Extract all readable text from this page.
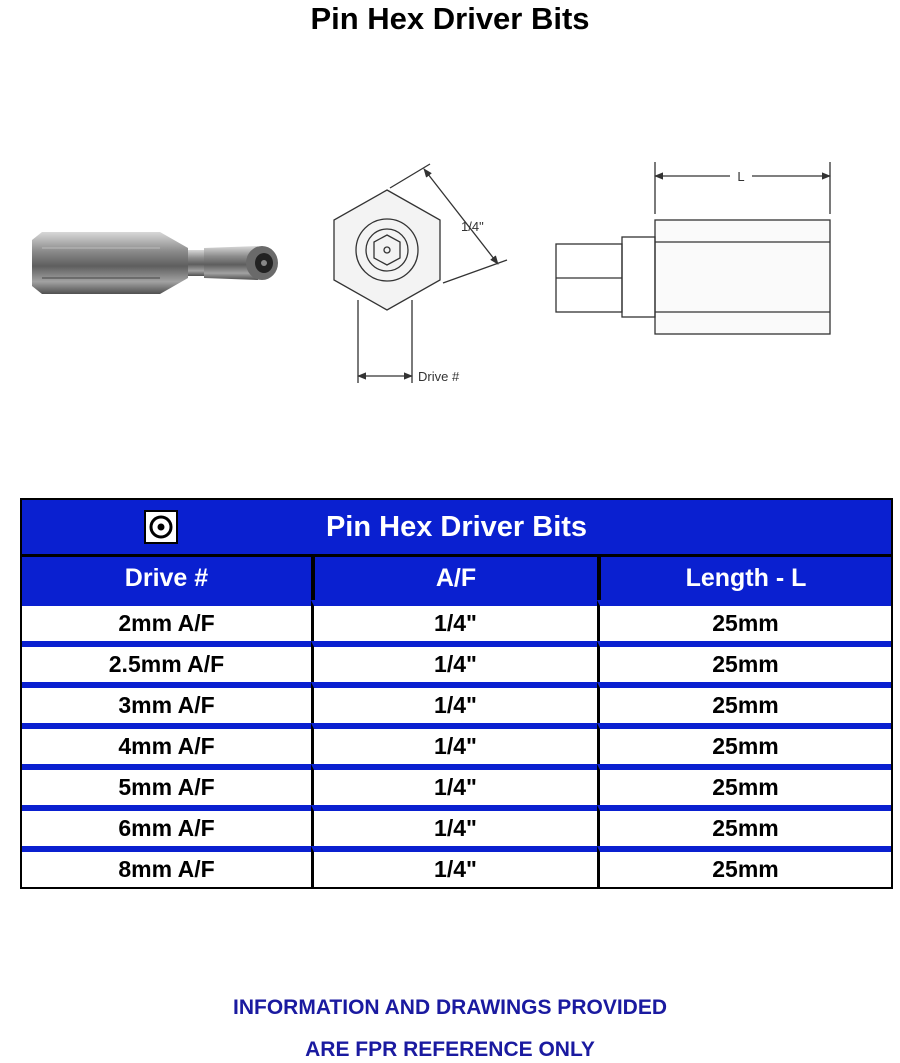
Pin Hex Driver Bits
1/4"
Drive #
L
Pin Hex Driver Bits		
Drive #	A/F	Length - L
2mm A/F	1/4"	25mm
2.5mm A/F	1/4"	25mm
3mm A/F	1/4"	25mm
4mm A/F	1/4"	25mm
5mm A/F	1/4"	25mm
6mm A/F	1/4"	25mm
8mm A/F	1/4"	25mm
INFORMATION AND DRAWINGS PROVIDED
ARE FPR REFERENCE ONLY
